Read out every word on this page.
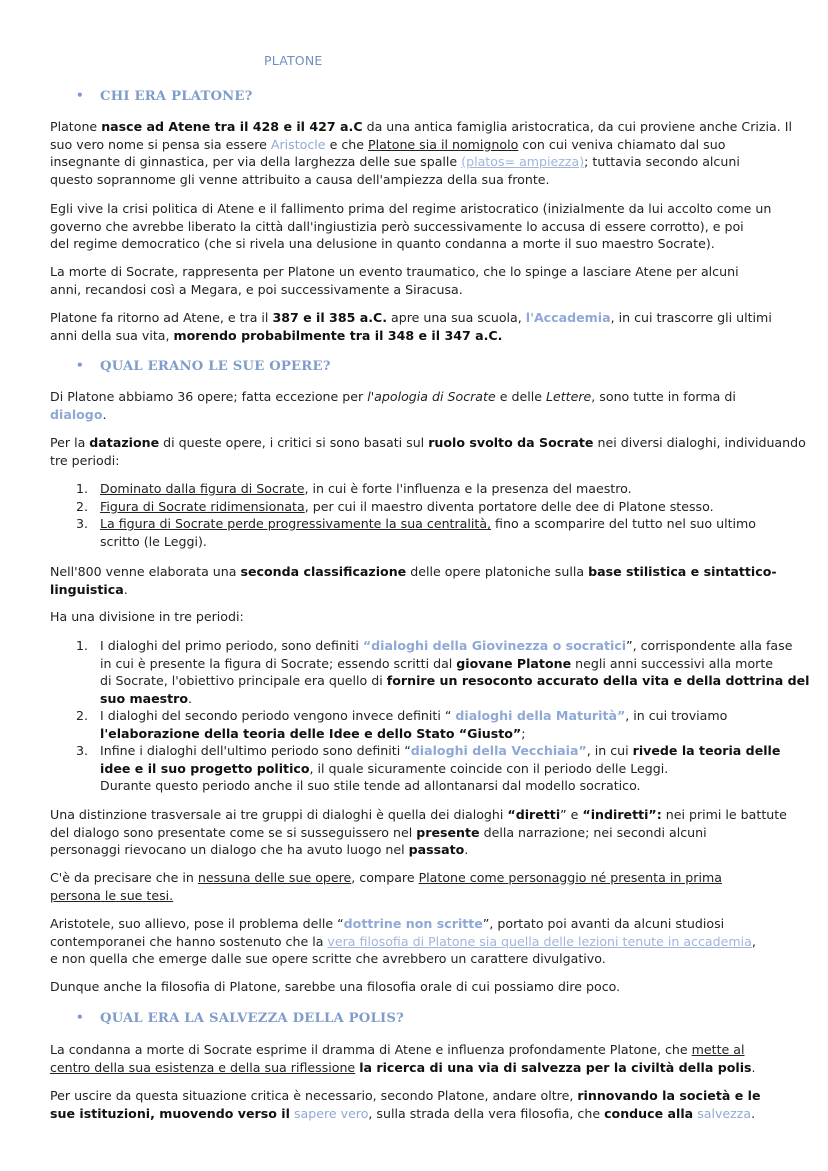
PLATONE
• CHI ERA PLATONE?
Platone nasce ad Atene tra il 428 e il 427 a.C da una antica famiglia aristocratica, da cui proviene anche Crizia. Il
suo vero nome si pensa sia essere Aristocle e che Platone sia il nomignolo con cui veniva chiamato dal suo
insegnante di ginnastica, per via della larghezza delle sue spalle (platos= ampiezza); tuttavia secondo alcuni
questo soprannome gli venne attribuito a causa dell'ampiezza della sua fronte.
Egli vive la crisi politica di Atene e il fallimento prima del regime aristocratico (inizialmente da lui accolto come un
governo che avrebbe liberato la città dall'ingiustizia però successivamente lo accusa di essere corrotto), e poi
del regime democratico (che si rivela una delusione in quanto condanna a morte il suo maestro Socrate).
La morte di Socrate, rappresenta per Platone un evento traumatico, che lo spinge a lasciare Atene per alcuni
anni, recandosi così a Megara, e poi successivamente a Siracusa.
Platone fa ritorno ad Atene, e tra il 387 e il 385 a.C. apre una sua scuola, l'Accademia, in cui trascorre gli ultimi
anni della sua vita, morendo probabilmente tra il 348 e il 347 a.C.
• QUAL ERANO LE SUE OPERE?
Di Platone abbiamo 36 opere; fatta eccezione per l'apologia di Socrate e delle Lettere, sono tutte in forma di
dialogo.
Per la datazione di queste opere, i critici si sono basati sul ruolo svolto da Socrate nei diversi dialoghi, individuando
tre periodi:
1. Dominato dalla figura di Socrate, in cui è forte l'influenza e la presenza del maestro.
2. Figura di Socrate ridimensionata, per cui il maestro diventa portatore delle dee di Platone stesso.
3. La figura di Socrate perde progressivamente la sua centralità, fino a scomparire del tutto nel suo ultimo
scritto (le Leggi).
Nell'800 venne elaborata una seconda classificazione delle opere platoniche sulla base stilistica e sintattico-
linguistica.
Ha una divisione in tre periodi:
1. I dialoghi del primo periodo, sono definiti “dialoghi della Giovinezza o socratici”, corrispondente alla fase
in cui è presente la figura di Socrate; essendo scritti dal giovane Platone negli anni successivi alla morte
di Socrate, l'obiettivo principale era quello di fornire un resoconto accurato della vita e della dottrina del
suo maestro.
2. I dialoghi del secondo periodo vengono invece definiti “ dialoghi della Maturità”, in cui troviamo
l'elaborazione della teoria delle Idee e dello Stato “Giusto”;
3. Infine i dialoghi dell'ultimo periodo sono definiti “dialoghi della Vecchiaia”, in cui rivede la teoria delle
idee e il suo progetto politico, il quale sicuramente coincide con il periodo delle Leggi.
Durante questo periodo anche il suo stile tende ad allontanarsi dal modello socratico.
Una distinzione trasversale ai tre gruppi di dialoghi è quella dei dialoghi “diretti” e “indiretti”: nei primi le battute
del dialogo sono presentate come se si susseguissero nel presente della narrazione; nei secondi alcuni
personaggi rievocano un dialogo che ha avuto luogo nel passato.
C'è da precisare che in nessuna delle sue opere, compare Platone come personaggio né presenta in prima
persona le sue tesi.
Aristotele, suo allievo, pose il problema delle “dottrine non scritte”, portato poi avanti da alcuni studiosi
contemporanei che hanno sostenuto che la vera filosofia di Platone sia quella delle lezioni tenute in accademia,
e non quella che emerge dalle sue opere scritte che avrebbero un carattere divulgativo.
Dunque anche la filosofia di Platone, sarebbe una filosofia orale di cui possiamo dire poco.
• QUAL ERA LA SALVEZZA DELLA POLIS?
La condanna a morte di Socrate esprime il dramma di Atene e influenza profondamente Platone, che mette al
centro della sua esistenza e della sua riflessione la ricerca di una via di salvezza per la civiltà della polis.
Per uscire da questa situazione critica è necessario, secondo Platone, andare oltre, rinnovando la società e le
sue istituzioni, muovendo verso il sapere vero, sulla strada della vera filosofia, che conduce alla salvezza.
